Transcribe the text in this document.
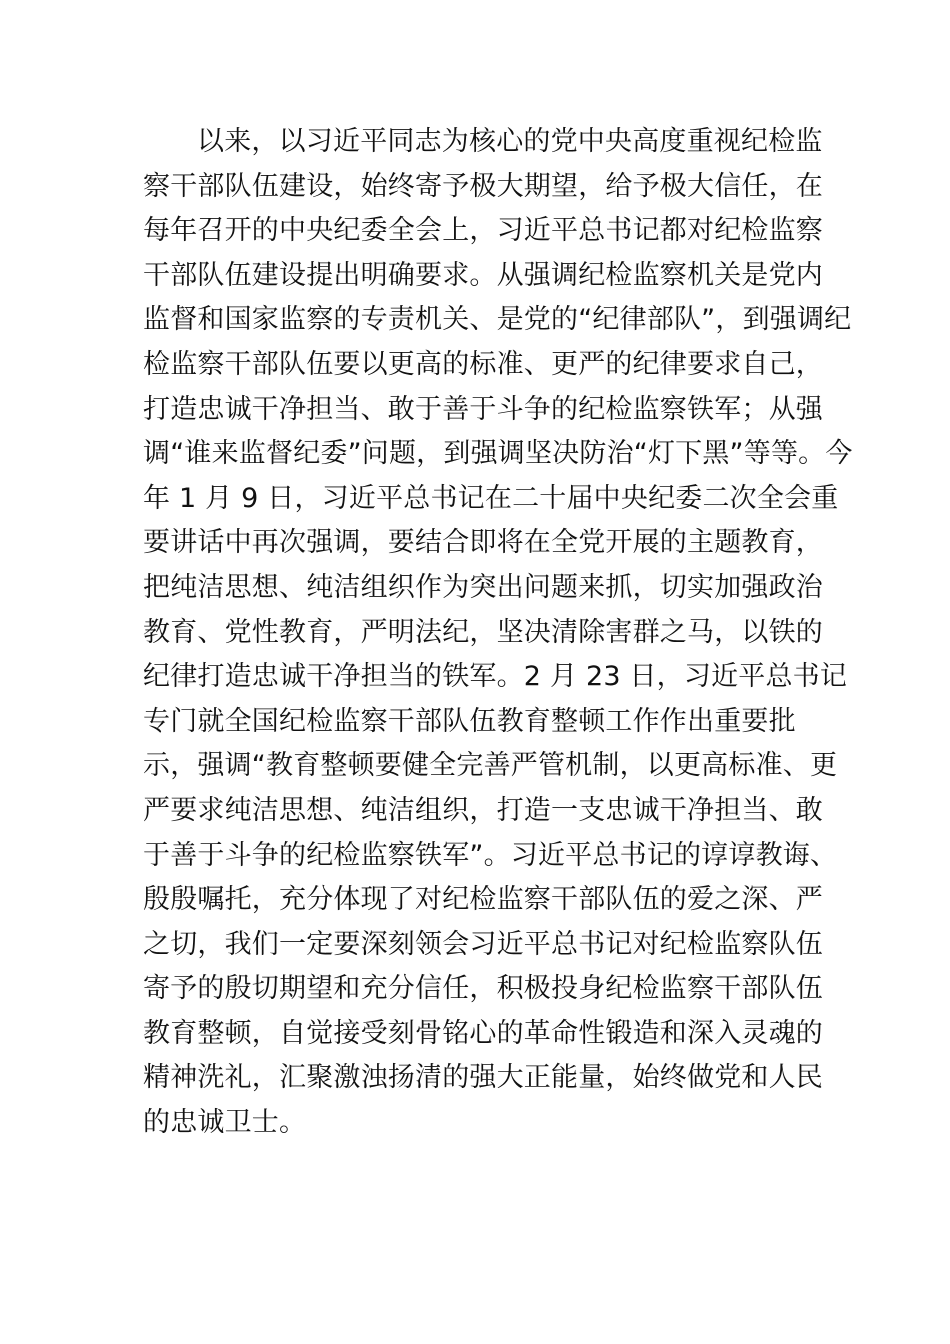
以来，以习近平同志为核心的党中央高度重视纪检监
察干部队伍建设，始终寄予极大期望，给予极大信任，在
每年召开的中央纪委全会上，习近平总书记都对纪检监察
干部队伍建设提出明确要求。从强调纪检监察机关是党内
监督和国家监察的专责机关、是党的“纪律部队”，到强调纪
检监察干部队伍要以更高的标准、更严的纪律要求自己，
打造忠诚干净担当、敢于善于斗争的纪检监察铁军；从强
调“谁来监督纪委”问题，到强调坚决防治“灯下黑”等等。今
年 1 月 9 日，习近平总书记在二十届中央纪委二次全会重
要讲话中再次强调，要结合即将在全党开展的主题教育，
把纯洁思想、纯洁组织作为突出问题来抓，切实加强政治
教育、党性教育，严明法纪，坚决清除害群之马，以铁的
纪律打造忠诚干净担当的铁军。2 月 23 日，习近平总书记
专门就全国纪检监察干部队伍教育整顿工作作出重要批
示，强调“教育整顿要健全完善严管机制，以更高标准、更
严要求纯洁思想、纯洁组织，打造一支忠诚干净担当、敢
于善于斗争的纪检监察铁军”。习近平总书记的谆谆教诲、
殷殷嘱托，充分体现了对纪检监察干部队伍的爱之深、严
之切，我们一定要深刻领会习近平总书记对纪检监察队伍
寄予的殷切期望和充分信任，积极投身纪检监察干部队伍
教育整顿，自觉接受刻骨铭心的革命性锻造和深入灵魂的
精神洗礼，汇聚激浊扬清的强大正能量，始终做党和人民
的忠诚卫士。
